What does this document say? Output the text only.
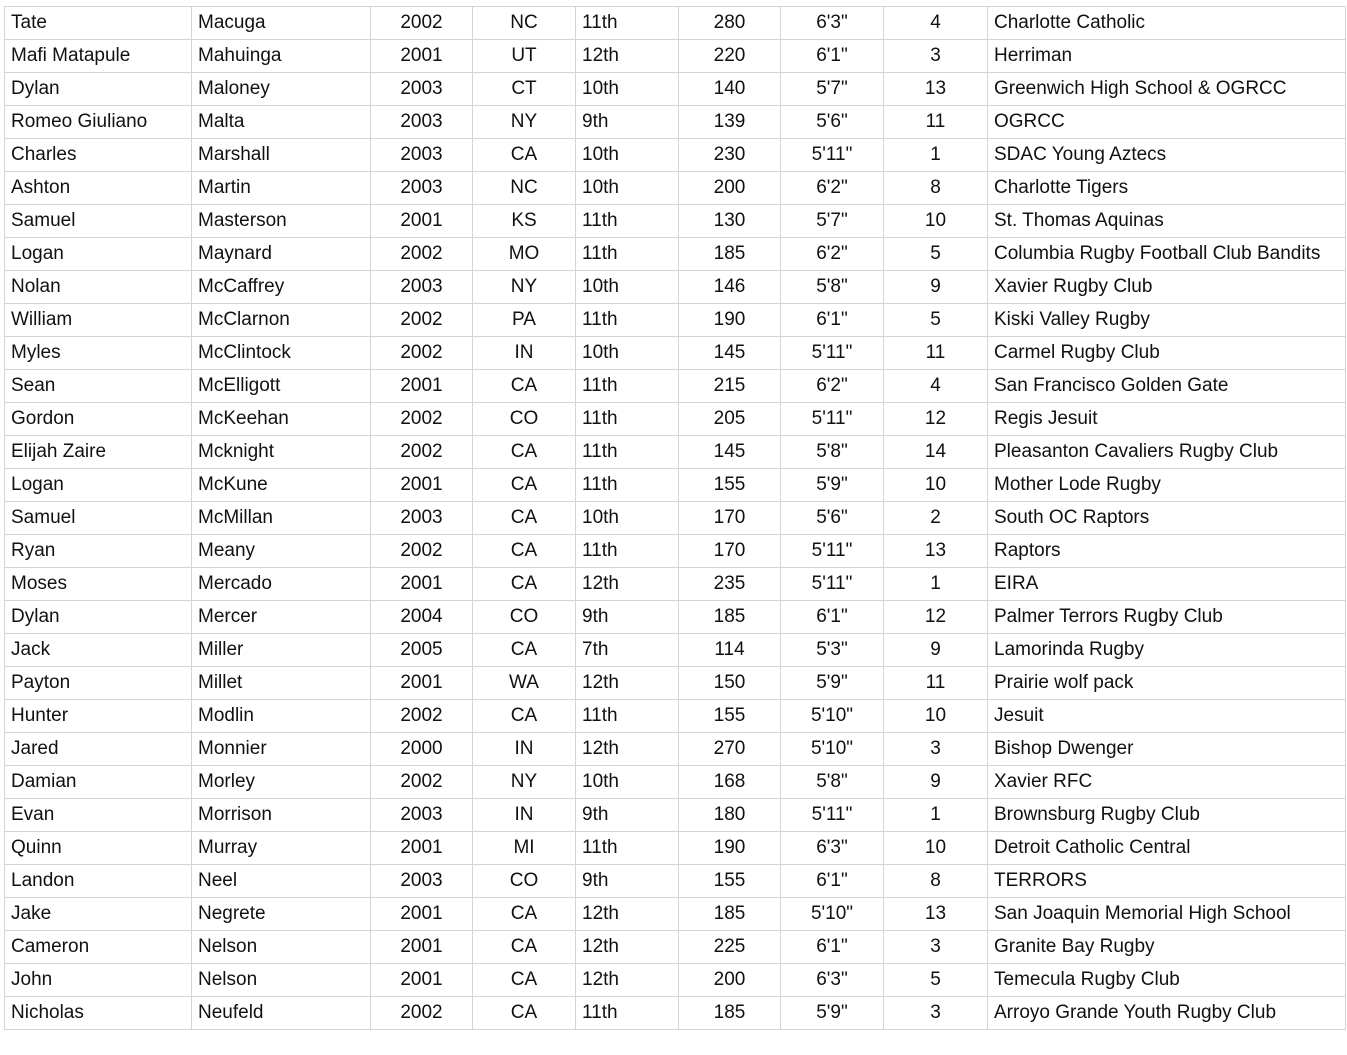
Tate	Macuga	2002	NC	11th	280	6'3"	4	Charlotte Catholic
Mafi Matapule	Mahuinga	2001	UT	12th	220	6'1"	3	Herriman
Dylan	Maloney	2003	CT	10th	140	5'7"	13	Greenwich High School & OGRCC
Romeo Giuliano	Malta	2003	NY	9th	139	5'6"	11	OGRCC
Charles	Marshall	2003	CA	10th	230	5'11"	1	SDAC Young Aztecs
Ashton	Martin	2003	NC	10th	200	6'2"	8	Charlotte Tigers
Samuel	Masterson	2001	KS	11th	130	5'7"	10	St. Thomas Aquinas
Logan	Maynard	2002	MO	11th	185	6'2"	5	Columbia Rugby Football Club Bandits
Nolan	McCaffrey	2003	NY	10th	146	5'8"	9	Xavier Rugby Club
William	McClarnon	2002	PA	11th	190	6'1"	5	Kiski Valley Rugby
Myles	McClintock	2002	IN	10th	145	5'11"	11	Carmel Rugby Club
Sean	McElligott	2001	CA	11th	215	6'2"	4	San Francisco Golden Gate
Gordon	McKeehan	2002	CO	11th	205	5'11"	12	Regis Jesuit
Elijah Zaire	Mcknight	2002	CA	11th	145	5'8"	14	Pleasanton Cavaliers Rugby Club
Logan	McKune	2001	CA	11th	155	5'9"	10	Mother Lode Rugby
Samuel	McMillan	2003	CA	10th	170	5'6"	2	South OC Raptors
Ryan	Meany	2002	CA	11th	170	5'11"	13	Raptors
Moses	Mercado	2001	CA	12th	235	5'11"	1	EIRA
Dylan	Mercer	2004	CO	9th	185	6'1"	12	Palmer Terrors Rugby Club
Jack	Miller	2005	CA	7th	114	5'3"	9	Lamorinda Rugby
Payton	Millet	2001	WA	12th	150	5'9"	11	Prairie wolf pack
Hunter	Modlin	2002	CA	11th	155	5'10"	10	Jesuit
Jared	Monnier	2000	IN	12th	270	5'10"	3	Bishop Dwenger
Damian	Morley	2002	NY	10th	168	5'8"	9	Xavier RFC
Evan	Morrison	2003	IN	9th	180	5'11"	1	Brownsburg Rugby Club
Quinn	Murray	2001	MI	11th	190	6'3"	10	Detroit Catholic Central
Landon	Neel	2003	CO	9th	155	6'1"	8	TERRORS
Jake	Negrete	2001	CA	12th	185	5'10"	13	San Joaquin Memorial High School
Cameron	Nelson	2001	CA	12th	225	6'1"	3	Granite Bay Rugby
John	Nelson	2001	CA	12th	200	6'3"	5	Temecula Rugby Club
Nicholas	Neufeld	2002	CA	11th	185	5'9"	3	Arroyo Grande Youth Rugby Club
